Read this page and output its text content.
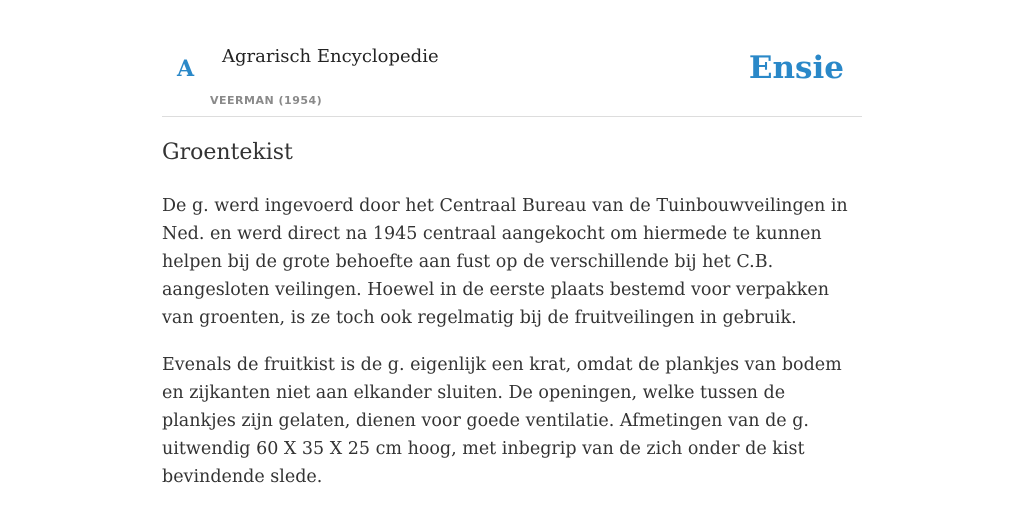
A Agrarisch Encyclopedie
VEERMAN (1954)
Ensie
Groentekist

De g. werd ingevoerd door het Centraal Bureau van de Tuinbouwveilingen in Ned. en werd direct na 1945 centraal aangekocht om hiermede te kunnen helpen bij de grote behoefte aan fust op de verschillende bij het C.B. aangesloten veilingen. Hoewel in de eerste plaats bestemd voor verpakken van groenten, is ze toch ook regelmatig bij de fruitveilingen in gebruik.

Evenals de fruitkist is de g. eigenlijk een krat, omdat de plankjes van bodem en zijkanten niet aan elkander sluiten. De openingen, welke tussen de plankjes zijn gelaten, dienen voor goede ventilatie. Afmetingen van de g. uitwendig 60 X 35 X 25 cm hoog, met inbegrip van de zich onder de kist bevindende slede.
